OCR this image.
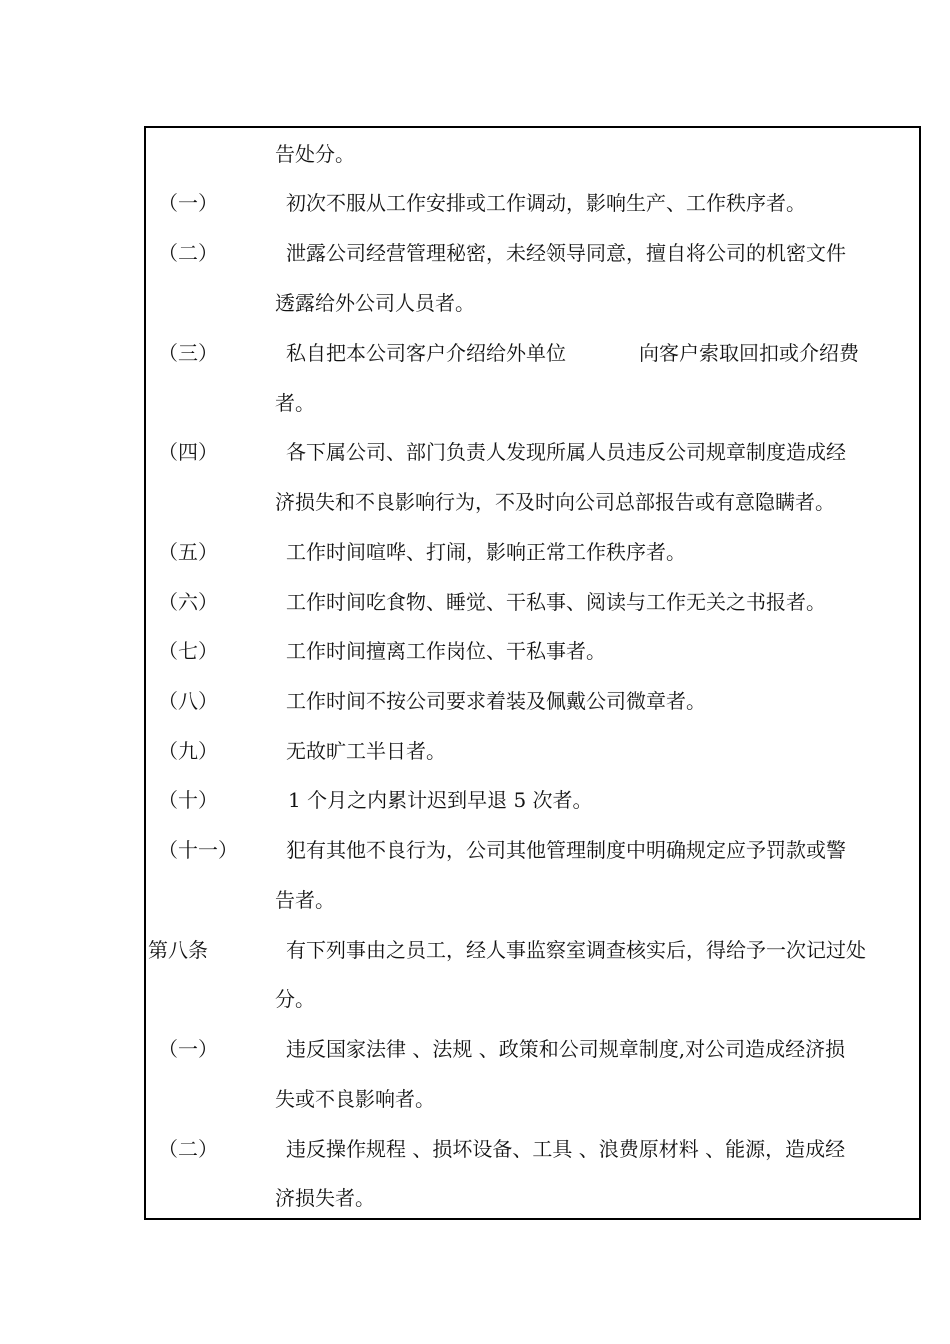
告处分。
（一）	初次不服从工作安排或工作调动，影响生产、工作秩序者。
（二）	泄露公司经营管理秘密，未经领导同意，擅自将公司的机密文件
透露给外公司人员者。
（三）	私自把本公司客户介绍给外单位	向客户索取回扣或介绍费
者。
（四）	各下属公司、部门负责人发现所属人员违反公司规章制度造成经
济损失和不良影响行为，不及时向公司总部报告或有意隐瞒者。
（五）	工作时间喧哗、打闹，影响正常工作秩序者。
（六）	工作时间吃食物、睡觉、干私事、阅读与工作无关之书报者。
（七）	工作时间擅离工作岗位、干私事者。
（八）	工作时间不按公司要求着装及佩戴公司微章者。
（九）	无故旷工半日者。
（十）	1 个月之内累计迟到早退 5 次者。
（十一） 犯有其他不良行为，公司其他管理制度中明确规定应予罚款或警
告者。
第八条	有下列事由之员工，经人事监察室调查核实后，得给予一次记过处
分。
（一）	违反国家法律 、法规 、政策和公司规章制度,对公司造成经济损
失或不良影响者。
（二）	违反操作规程 、损坏设备、工具 、浪费原材料 、能源，造成经
济损失者。
